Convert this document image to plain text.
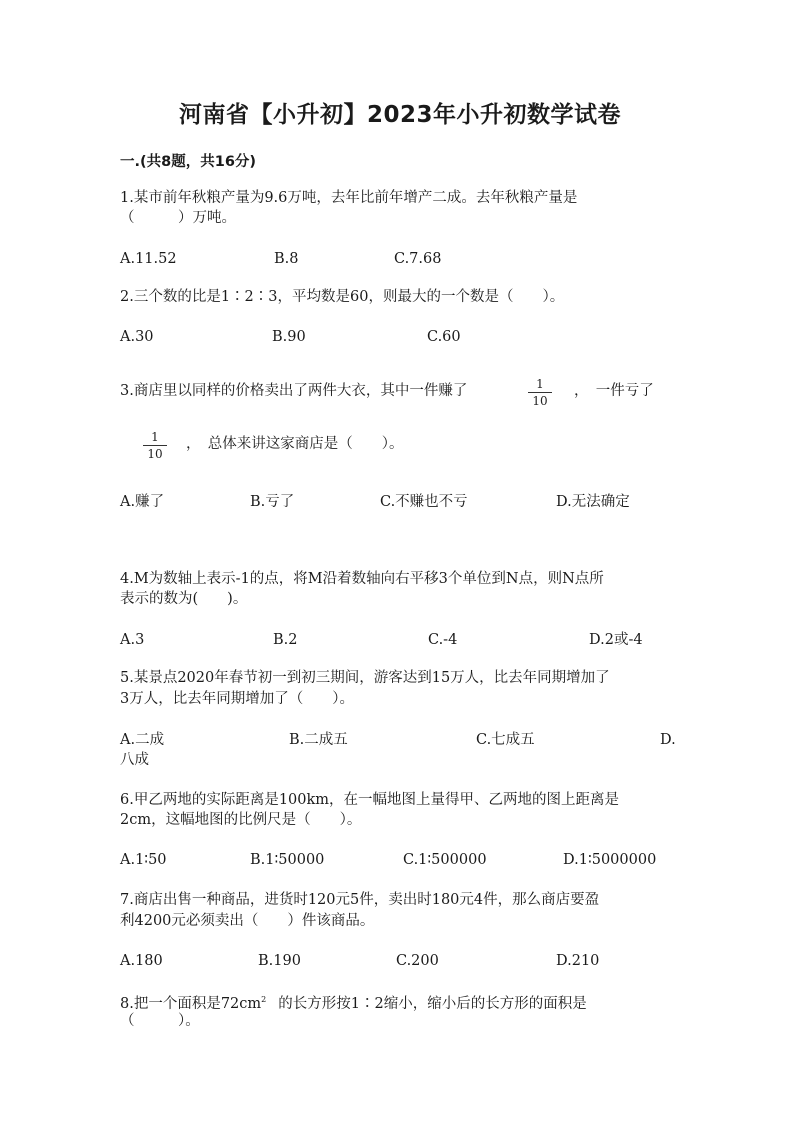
河南省【小升初】2023年小升初数学试卷
一.(共8题，共16分)
1.某市前年秋粮产量为9.6万吨，去年比前年增产二成。去年秋粮产量是
（　　　）万吨。
A.11.52	B.8	C.7.68
2.三个数的比是1∶2∶3，平均数是60，则最大的一个数是（　　）。
A.30	B.90	C.60
3.商店里以同样的价格卖出了两件大衣，其中一件赚了	1
10
，　一件亏了
1
10
，　总体来讲这家商店是（　　）。
A.赚了	B.亏了	C.不赚也不亏	D.无法确定
4.M为数轴上表示-1的点，将M沿着数轴向右平移3个单位到N点，则N点所
表示的数为(　　)。
A.3	B.2	C.-4	D.2或-4
5.某景点2020年春节初一到初三期间，游客达到15万人，比去年同期增加了
3万人，比去年同期增加了（　　）。
A.二成	B.二成五	C.七成五	D.
八成
6.甲乙两地的实际距离是100km，在一幅地图上量得甲、乙两地的图上距离是
2cm，这幅地图的比例尺是（　　）。
A.1∶50	B.1∶50000	C.1∶500000	D.1∶5000000
7.商店出售一种商品，进货时120元5件，卖出时180元4件，那么商店要盈
利4200元必须卖出（　　）件该商品。
A.180	B.190	C.200	D.210
8.把一个面积是$72cm^2$ 的长方形按1∶2缩小，缩小后的长方形的面积是
（　　　）。
